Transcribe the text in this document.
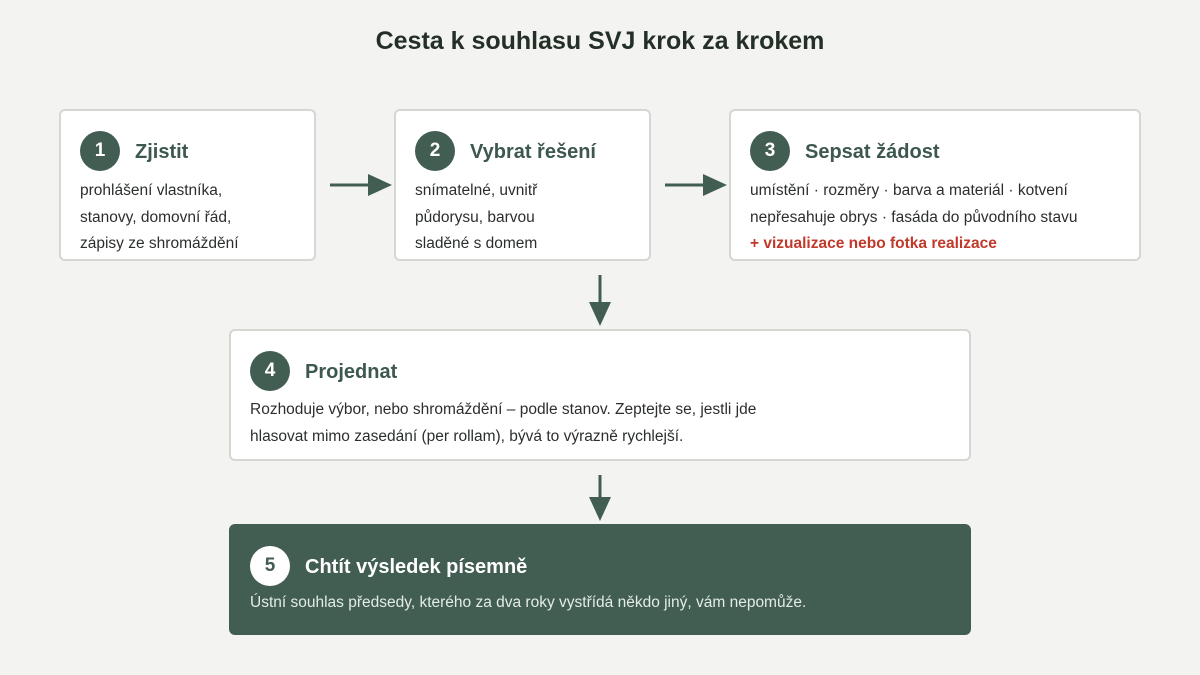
Cesta k souhlasu SVJ krok za krokem
1	Zjistit
prohlášení vlastníka,
stanovy, domovní řád,
zápisy ze shromáždění
2	Vybrat řešení
snímatelné, uvnitř
půdorysu, barvou
sladěné s domem
3	Sepsat žádost
umístění · rozměry · barva a materiál · kotvení
nepřesahuje obrys · fasáda do původního stavu
+ vizualizace nebo fotka realizace
4	Projednat
Rozhoduje výbor, nebo shromáždění – podle stanov. Zeptejte se, jestli jde
hlasovat mimo zasedání (per rollam), bývá to výrazně rychlejší.
5	Chtít výsledek písemně
Ústní souhlas předsedy, kterého za dva roky vystřídá někdo jiný, vám nepomůže.
